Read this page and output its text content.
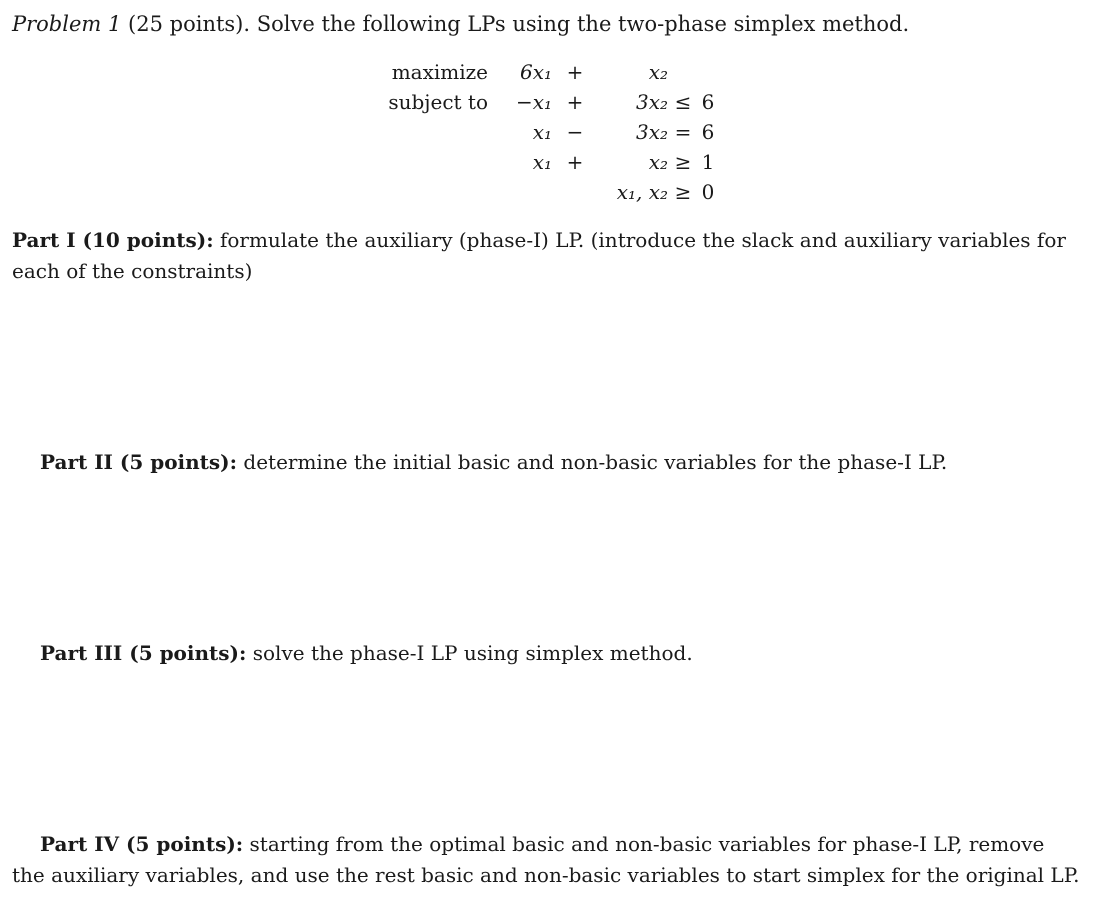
Problem 1 (25 points). Solve the following LPs using the two-phase simplex method.
maximize	6x₁ +	x₂
subject to	−x₁ +	3x₂ ≤ 6
x₁ −	3x₂ = 6
x₁ +	x₂ ≥ 1
x₁, x₂ ≥ 0
Part I (10 points): formulate the auxiliary (phase-I) LP. (introduce the slack and auxiliary variables for each of the constraints)
Part II (5 points): determine the initial basic and non-basic variables for the phase-I LP.
Part III (5 points): solve the phase-I LP using simplex method.
Part IV (5 points): starting from the optimal basic and non-basic variables for phase-I LP, remove the auxiliary variables, and use the rest basic and non-basic variables to start simplex for the original LP.
